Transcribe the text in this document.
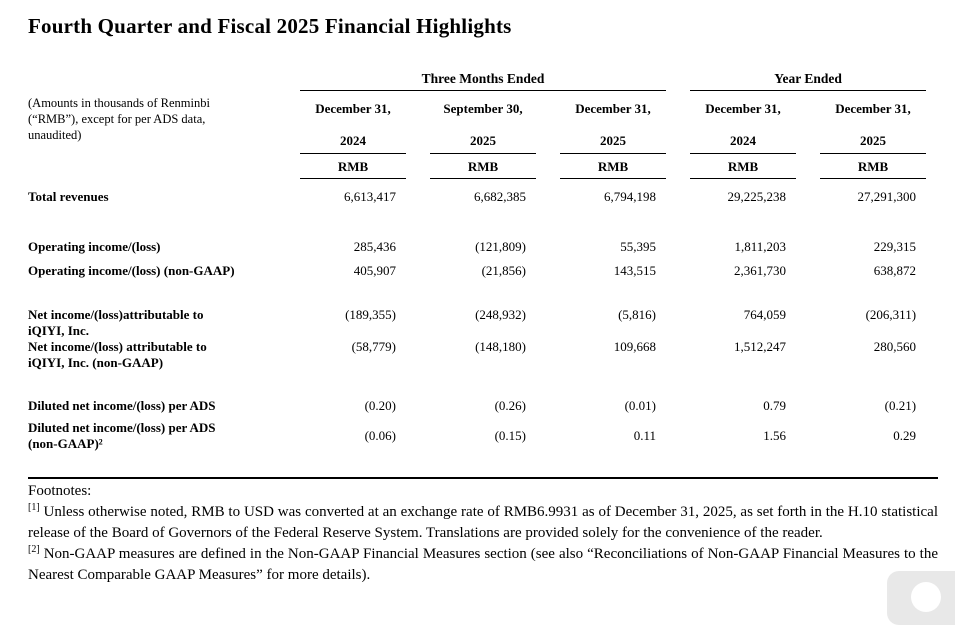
Fourth Quarter and Fiscal 2025 Financial Highlights

	Three Months Ended			Year Ended	

(Amounts in thousands of Renminbi (“RMB”), except for per ADS data, unaudited)	December 31,	September 30,	December 31,	December 31,	December 31,

	2024	2025	2025	2024	2025

	RMB	RMB	RMB	RMB	RMB

Total revenues	6,613,417	6,682,385	6,794,198	29,225,238	27,291,300

Operating income/(loss)	285,436	(121,809)	55,395	1,811,203	229,315

Operating income/(loss) (non-GAAP)	405,907	(21,856)	143,515	2,361,730	638,872

Net income/(loss)attributable to
iQIYI, Inc.	(189,355)	(248,932)	(5,816)	764,059	(206,311)

Net income/(loss) attributable to
iQIYI, Inc. (non-GAAP)	(58,779)	(148,180)	109,668	1,512,247	280,560

Diluted net income/(loss) per ADS	(0.20)	(0.26)	(0.01)	0.79	(0.21)

Diluted net income/(loss) per ADS
(non-GAAP)²	(0.06)	(0.15)	0.11	1.56	0.29

Footnotes:

[1] Unless otherwise noted, RMB to USD was converted at an exchange rate of RMB6.9931 as of December 31, 2025, as set forth in the H.10 statistical release of the Board of Governors of the Federal Reserve System. Translations are provided solely for the convenience of the reader.

[2] Non-GAAP measures are defined in the Non-GAAP Financial Measures section (see also “Reconciliations of Non-GAAP Financial Measures to the Nearest Comparable GAAP Measures” for more details).
